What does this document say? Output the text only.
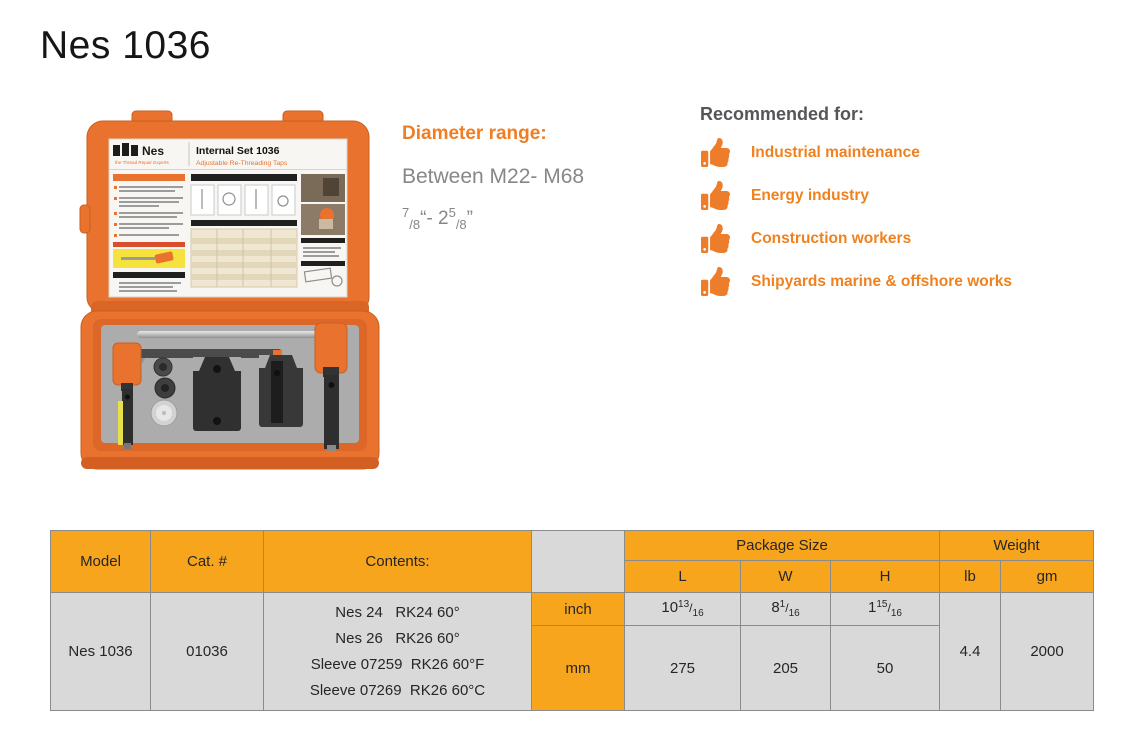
Nes 1036
Nes
the Thread Repair Experts
Internal Set 1036
Adjustable Re-Threading Taps
Diameter range:

Between M22- M68

$^7_{/8}$“- $2^5_{/8}$”

Recommended for:
Industrial maintenance
Energy industry
Construction workers
Shipyards marine & offshore works
Model	Cat. #	Contents:		Package Size			Weight	
				L	W	H	lb	gm
Nes 1036	01036	Nes 24   RK24 60°
Nes 26   RK26 60°
Sleeve 07259  RK26 60°F
Sleeve 07269  RK26 60°C	inch	$10^{13}/_{16}$	$8^1/_{16}$	$1^{15}/_{16}$	4.4	2000
			mm	275	205	50		
